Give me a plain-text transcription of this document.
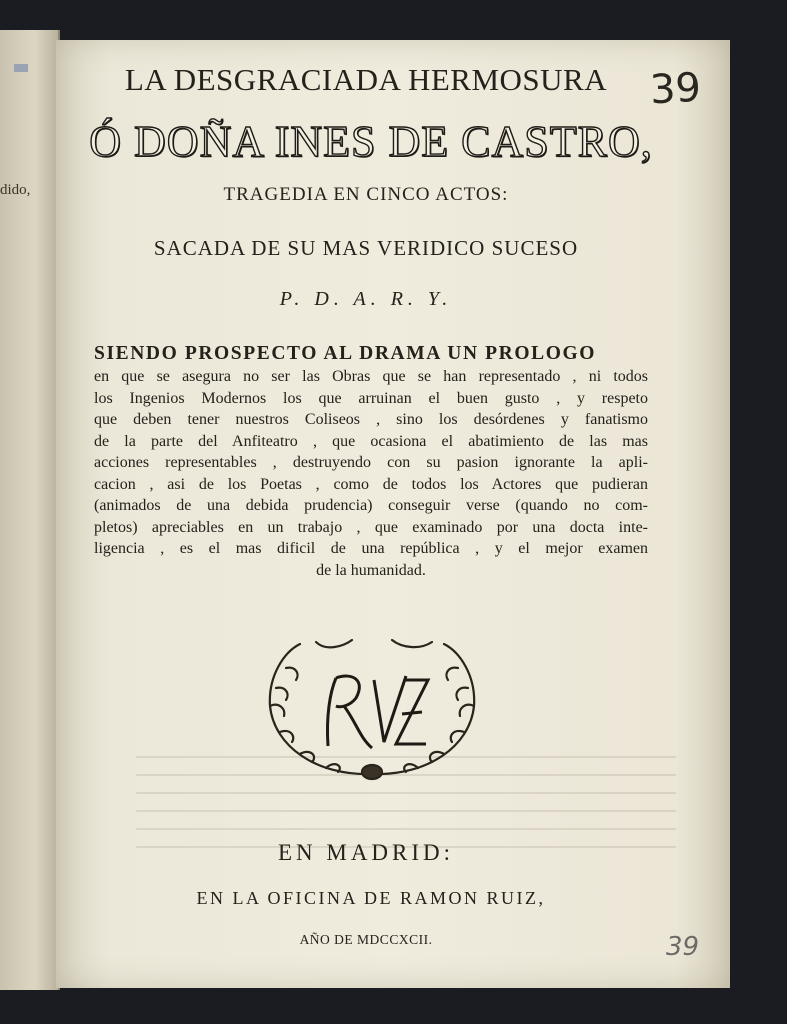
dido,
LA DESGRACIADA HERMOSURA	39
Ó DOÑA INES DE CASTRO,
TRAGEDIA EN CINCO ACTOS:
SACADA DE SU MAS VERIDICO SUCESO
P. D. A. R. Y.
SIENDO PROSPECTO AL DRAMA UN PROLOGO
en que se asegura no ser las Obras que se han representado , ni todos
los Ingenios Modernos los que arruinan el buen gusto , y respeto
que deben tener nuestros Coliseos , sino los desórdenes y fanatismo
de la parte del Anfiteatro , que ocasiona el abatimiento de las mas
acciones representables , destruyendo con su pasion ignorante la apli-
cacion , asi de los Poetas , como de todos los Actores que pudieran
(animados de una debida prudencia) conseguir verse (quando no com-
pletos) apreciables en un trabajo , que examinado por una docta inte-
ligencia , es el mas dificil de una república , y el mejor examen
de la humanidad.
EN MADRID:
EN LA OFICINA DE RAMON RUIZ,
AÑO DE MDCCXCII.	39
